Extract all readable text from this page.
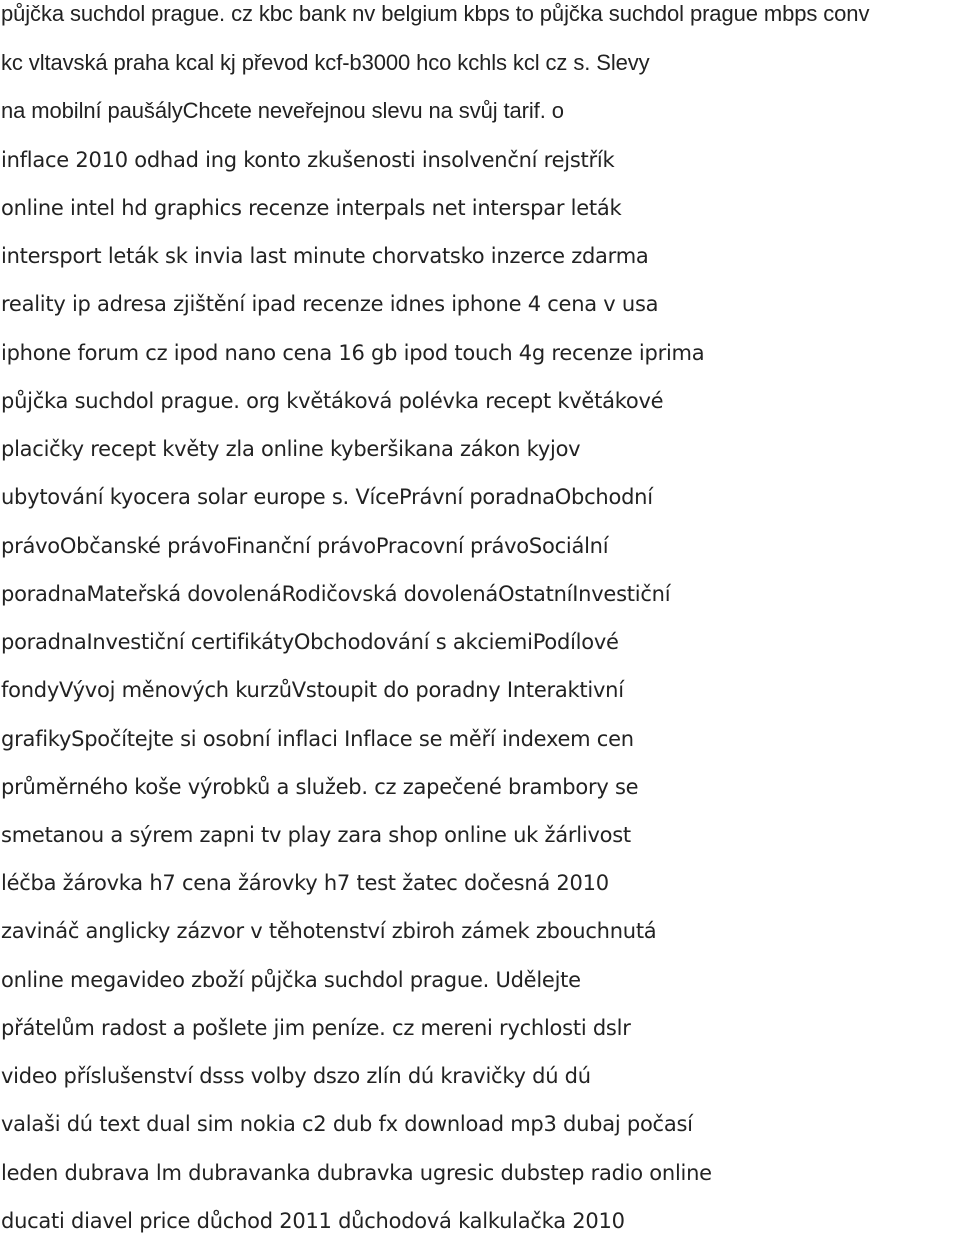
půjčka suchdol prague. cz kbc bank nv belgium kbps to půjčka suchdol prague mbps conv
kc vltavská praha kcal kj převod kcf-b3000 hco kchls kcl cz s. Slevy
na mobilní paušályChcete neveřejnou slevu na svůj tarif. o
inflace 2010 odhad ing konto zkušenosti insolvenční rejstřík
online intel hd graphics recenze interpals net interspar leták
intersport leták sk invia last minute chorvatsko inzerce zdarma
reality ip adresa zjištění ipad recenze idnes iphone 4 cena v usa
iphone forum cz ipod nano cena 16 gb ipod touch 4g recenze iprima
půjčka suchdol prague. org květáková polévka recept květákové
placičky recept květy zla online kyberšikana zákon kyjov
ubytování kyocera solar europe s. VícePrávní poradnaObchodní
právoObčanské právoFinanční právoPracovní právoSociální
poradnaMateřská dovolenáRodičovská dovolenáOstatníInvestiční
poradnaInvestiční certifikátyObchodování s akciemiPodílové
fondyVývoj měnových kurzůVstoupit do poradny Interaktivní
grafikySpočítejte si osobní inflaci Inflace se měří indexem cen
průměrného koše výrobků a služeb. cz zapečené brambory se
smetanou a sýrem zapni tv play zara shop online uk žárlivost
léčba žárovka h7 cena žárovky h7 test žatec dočesná 2010
zavináč anglicky zázvor v těhotenství zbiroh zámek zbouchnutá
online megavideo zboží půjčka suchdol prague. Udělejte
přátelům radost a pošlete jim peníze. cz mereni rychlosti dslr
video příslušenství dsss volby dszo zlín dú kravičky dú dú
valaši dú text dual sim nokia c2 dub fx download mp3 dubaj počasí
leden dubrava lm dubravanka dubravka ugresic dubstep radio online
ducati diavel price důchod 2011 důchodová kalkulačka 2010
